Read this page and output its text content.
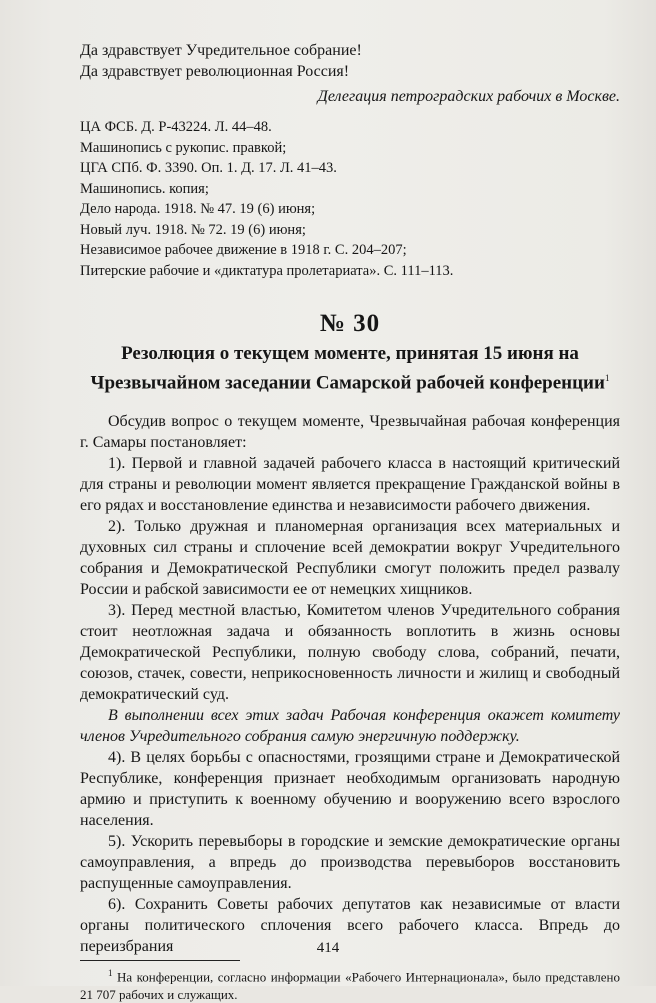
Да здравствует Учредительное собрание!

Да здравствует революционная Россия!

Делегация петроградских рабочих в Москве.

ЦА ФСБ. Д. Р-43224. Л. 44–48.

Машинопись с рукопис. правкой;

ЦГА СПб. Ф. 3390. Оп. 1. Д. 17. Л. 41–43.

Машинопись. копия;

Дело народа. 1918. № 47. 19 (6) июня;

Новый луч. 1918. № 72. 19 (6) июня;

Независимое рабочее движение в 1918 г. С. 204–207;

Питерские рабочие и «диктатура пролетариата». С. 111–113.

№ 30
Резолюция о текущем моменте, принятая 15 июня на Чрезвычайном заседании Самарской рабочей конференции$^1$

Обсудив вопрос о текущем моменте, Чрезвычайная рабочая конференция г. Самары постановляет:

1). Первой и главной задачей рабочего класса в настоящий критический для страны и революции момент является прекращение Гражданской войны в его рядах и восстановление единства и независимости рабочего движения.

2). Только дружная и планомерная организация всех материальных и духовных сил страны и сплочение всей демократии вокруг Учредительного собрания и Демократической Республики смогут положить предел развалу России и рабской зависимости ее от немецких хищников.

3). Перед местной властью, Комитетом членов Учредительного собрания стоит неотложная задача и обязанность воплотить в жизнь основы Демократической Республики, полную свободу слова, собраний, печати, союзов, стачек, совести, неприкосновенность личности и жилищ и свободный демократический суд.

В выполнении всех этих задач Рабочая конференция окажет комитету членов Учредительного собрания самую энергичную поддержку.

4). В целях борьбы с опасностями, грозящими стране и Демократической Республике, конференция признает необходимым организовать народную армию и приступить к военному обучению и вооружению всего взрослого населения.

5). Ускорить перевыборы в городские и земские демократические органы самоуправления, а впредь до производства перевыборов восстановить распущенные самоуправления.

6). Сохранить Советы рабочих депутатов как независимые от власти органы политического сплочения всего рабочего класса. Впредь до переизбрания

$^1$ На конференции, согласно информации «Рабочего Интернационала», было представлено 21 707 рабочих и служащих.

414
